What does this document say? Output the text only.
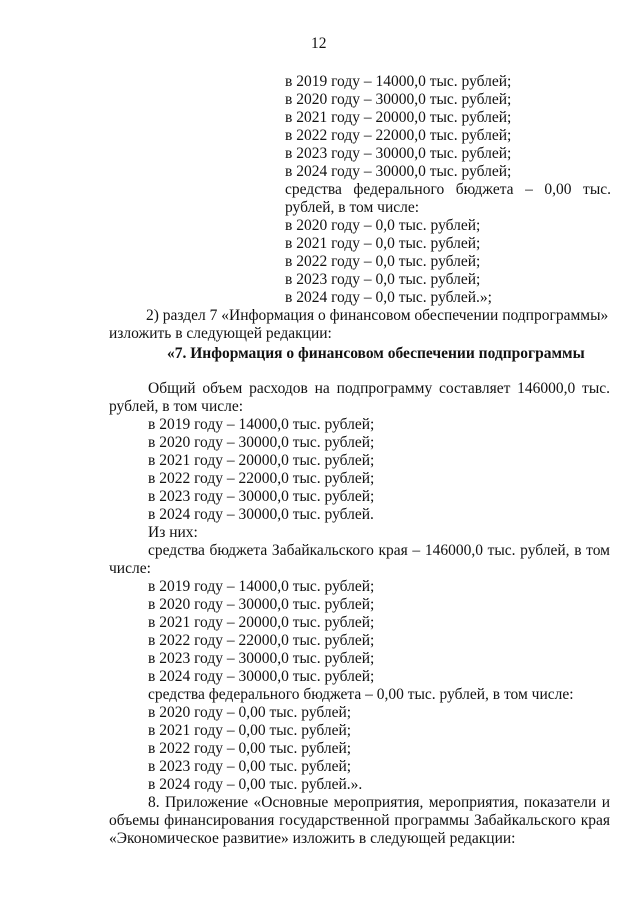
12
в 2019 году – 14000,0 тыс. рублей;
в 2020 году – 30000,0 тыс. рублей;
в 2021 году – 20000,0 тыс. рублей;
в 2022 году – 22000,0 тыс. рублей;
в 2023 году – 30000,0 тыс. рублей;
в 2024 году – 30000,0 тыс. рублей;
средства федерального бюджета – 0,00 тыс.
рублей, в том числе:
в 2020 году – 0,0 тыс. рублей;
в 2021 году – 0,0 тыс. рублей;
в 2022 году – 0,0 тыс. рублей;
в 2023 году – 0,0 тыс. рублей;
в 2024 году – 0,0 тыс. рублей.»;
2) раздел 7 «Информация о финансовом обеспечении подпрограммы»
изложить в следующей редакции:
«7. Информация о финансовом обеспечении подпрограммы
Общий объем расходов на подпрограмму составляет 146000,0 тыс.
рублей, в том числе:
в 2019 году – 14000,0 тыс. рублей;
в 2020 году – 30000,0 тыс. рублей;
в 2021 году – 20000,0 тыс. рублей;
в 2022 году – 22000,0 тыс. рублей;
в 2023 году – 30000,0 тыс. рублей;
в 2024 году – 30000,0 тыс. рублей.
Из них:
средства бюджета Забайкальского края – 146000,0 тыс. рублей, в том
числе:
в 2019 году – 14000,0 тыс. рублей;
в 2020 году – 30000,0 тыс. рублей;
в 2021 году – 20000,0 тыс. рублей;
в 2022 году – 22000,0 тыс. рублей;
в 2023 году – 30000,0 тыс. рублей;
в 2024 году – 30000,0 тыс. рублей;
средства федерального бюджета – 0,00 тыс. рублей, в том числе:
в 2020 году – 0,00 тыс. рублей;
в 2021 году – 0,00 тыс. рублей;
в 2022 году – 0,00 тыс. рублей;
в 2023 году – 0,00 тыс. рублей;
в 2024 году – 0,00 тыс. рублей.».
8. Приложение «Основные мероприятия, мероприятия, показатели и
объемы финансирования государственной программы Забайкальского края
«Экономическое развитие» изложить в следующей редакции:
